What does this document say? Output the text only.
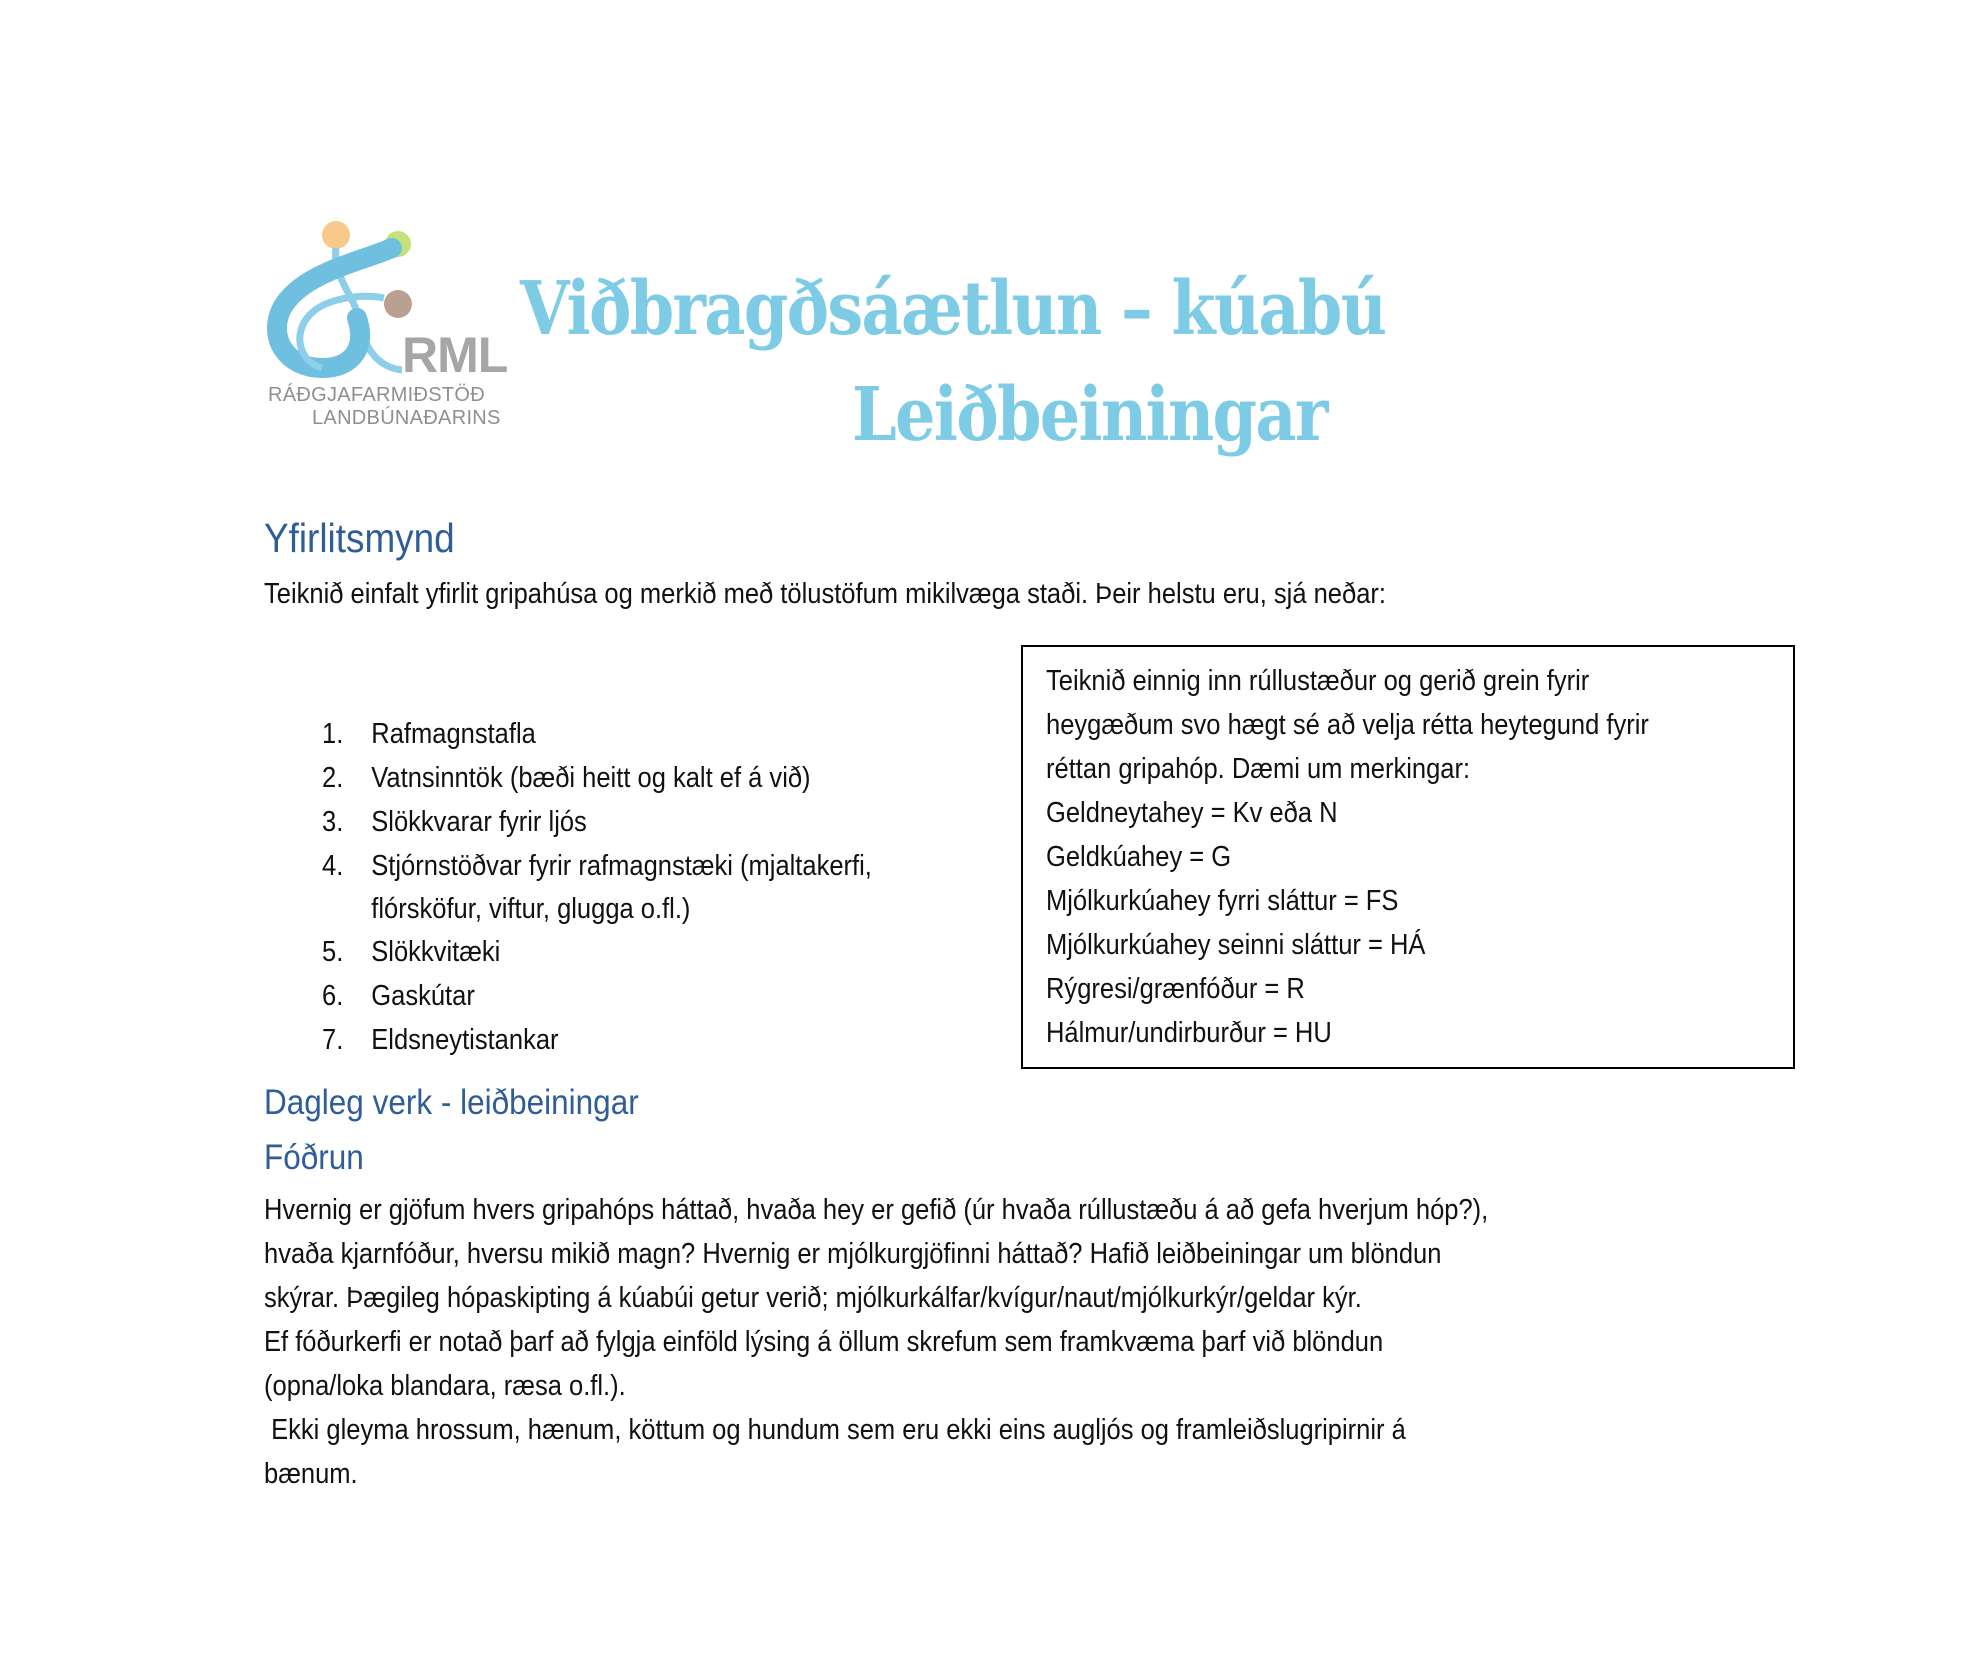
RML
RÁÐGJAFARMIÐSTÖÐ
LANDBÚNAÐARINS
Viðbragðsáætlun – kúabú
Leiðbeiningar
Yfirlitsmynd
Teiknið einfalt yfirlit gripahúsa og merkið með tölustöfum mikilvæga staði. Þeir helstu eru, sjá neðar:
1. Rafmagnstafla
2. Vatnsinntök (bæði heitt og kalt ef á við)
3. Slökkvarar fyrir ljós
4. Stjórnstöðvar fyrir rafmagnstæki (mjaltakerfi,
flórsköfur, viftur, glugga o.fl.)
5. Slökkvitæki
6. Gaskútar
7. Eldsneytistankar
Teiknið einnig inn rúllustæður og gerið grein fyrir
heygæðum svo hægt sé að velja rétta heytegund fyrir
réttan gripahóp. Dæmi um merkingar:
Geldneytahey = Kv eða N
Geldkúahey = G
Mjólkurkúahey fyrri sláttur = FS
Mjólkurkúahey seinni sláttur = HÁ
Rýgresi/grænfóður = R
Hálmur/undirburður = HU
Dagleg verk - leiðbeiningar
Fóðrun
Hvernig er gjöfum hvers gripahóps háttað, hvaða hey er gefið (úr hvaða rúllustæðu á að gefa hverjum hóp?),
hvaða kjarnfóður, hversu mikið magn? Hvernig er mjólkurgjöfinni háttað? Hafið leiðbeiningar um blöndun
skýrar. Þægileg hópaskipting á kúabúi getur verið; mjólkurkálfar/kvígur/naut/mjólkurkýr/geldar kýr.
Ef fóðurkerfi er notað þarf að fylgja einföld lýsing á öllum skrefum sem framkvæma þarf við blöndun
(opna/loka blandara, ræsa o.fl.).
Ekki gleyma hrossum, hænum, köttum og hundum sem eru ekki eins augljós og framleiðslugripirnir á
bænum.
